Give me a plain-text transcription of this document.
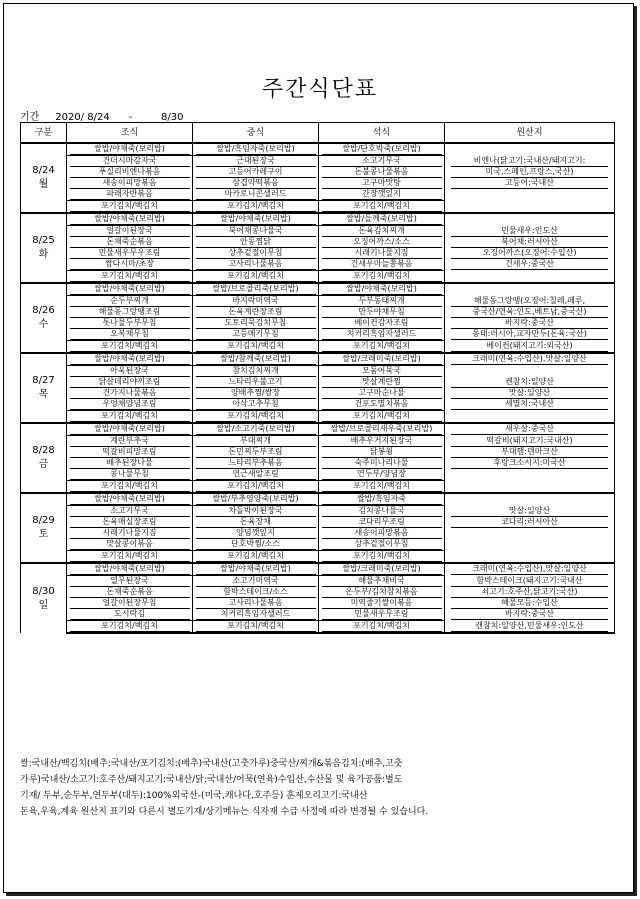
주간식단표
기간 2020/ 8/24 -	8/30
구분	조식	중식	석식	원산지

8/24
월	쌀밥/야채죽(보리밥)	쌀밥/흑임자죽(보리밥)	쌀밥/단호박죽(보리밥)	

	건더시마감자국	근대된장국	소고기무국	비엔나(닭고기:국내산/돼지고기:

	푸실리비엔나볶음	고등어카레구이	돈불콩나물볶음	미국,스페인,프랑스,국산)

	새송이피망볶음	삼겹약떡볶음	고구마맛탕	고등어:국내산

	파래자반볶음	마카로니콘샐러드	간장깻잎지	

	포기김치/백김치	포기김치/백김치	포기김치/백김치	

8/25
화	쌀밥/야채죽(보리밥)	쌀밥/야채죽(보리밥)	쌀밥/들깨죽(보리밥)	

	얼갈이된장국	북어채콩나물국	돈육김치찌개	민물새우:인도산

	돈채죽순볶음	안동찜닭	오징어까스/소스	북어채:러시아산

	민물새우무우조림	상추겉절이무침	시래기나물지짐	오징어까스(오징어:수입산)

	쌈다시마/초장	고사리나물볶음	건새우마늘쫑볶음	건새우:중국산

	포기김치/백김치	포기김치/백김치	포기김치/백김치	

8/26
수	쌀밥/야채죽(보리밥)	쌀밥/브로콜리죽(보리밥)	쌀밥/야채죽(보리밥)	

	순두부찌개	바지락미역국	두부동태찌개	해물동그랑땡(오징어:칠레,페루,

	해물동그랑땡조림	돈육계란장조림	만두야채무침	중국산/연육:인도,베트남,중국산)

	톳나물두부무침	도토리묵김치무침	베이컨감자조림	바지락:중국산

	오복채무침	고등메기무침	치커리흑임자샐러드	동태:러시아,교자만두(돈육:국산)

	포기김치/백김치	포기김치/백김치	포기김치/백김치	베이컨(돼지고기:외국산)

8/27
목	쌀밥/야채죽(보리밥)	쌀밥/참깨죽(보리밥)	쌀밥/크래미죽(보리밥)	크래미(연육:수입산),맛살:일양산

	아욱된장국	참치김치찌개	모둠어묵국	

	닭살데리야끼조림	느타리우불고기	맛살계란찜	켄참치:일양산

	건가지나물볶음	양배추찜/쌈장	고구마순나물	맛살:일양산

	우엉채양념조림	아삭고추무침	건포도멸치볶음	세멸치:국내산

	포기김치/백김치	포기김치/백김치	포기김치/백김치	

8/28
금	쌀밥/야채죽(보리밥)	쌀밥/소고기죽(보리밥)	쌀밥/브로콜리새우죽(보리밥)	새우살:중국산

	계란부추국	부대찌개	배추우거지된장국	떡갈비(돼지고기:국내산)

	떡갈비피망조림	돈민찌두부조림	닭봉윙	부대햄:덴마크산

	배추된장나물	느타리부추볶음	숙주미나리나물	후랑크소시지:미국산

	콩나물무침	연근새알조림	연두부/양념장	

	포기김치/백김치	포기김치/백김치	포기김치/백김치	

8/29
토	쌀밥/야채죽(보리밥)	쌀밥/부추영양죽(보리밥)	쌀밥/흑임자죽	

	소고기무국	차돌박이된장국	김치콩나물국	맛살:일양산

	돈육매실장조림	돈육장채	코다리무조림	코다리:러시아산

	시래기나물지짐	양념깻잎지	새송이피망볶음	

	맛살콩이볶음	단호박찜/소스	상추겉절이무침	

	포기김치/백김치	포기김치/백김치	포기김치/백김치	

8/30
일	쌀밥/야채죽(보리밥)	쌀밥/야채죽(보리밥)	쌀밥/크래미죽(보리밥)	크래미(연육:수입산),맛살:일양산

	열무된장국	소고기미역국	해물추채비국	함박스테이크(돼지고기:국내산

	돈채죽순볶음	함박스테이크/소스	온두부/김치참치볶음	쇠고기:호주산,닭고기:국산)

	얼갈이된장무침	고사리나물볶음	미역줄기쌀이볶음	해물모듬:수입산

	도시락김	치커리흑임자샐러드	민물새우무조림	바지락:중국산

	포기김치/백김치	포기김치/백김치	포기김치/백김치	캔참치:일양산,민물새우:인도산
쌀:국내산/백김치(배추:국내산/포기김치:(배추)국내산(고춧가루)중국산/찌개&볶음김치:(배추,고춧
가루)국내산/소고기:호주산/돼지고기:국내산/닭:국내산/어묵(연육)수입산,수산물 및 육가공품:별도
기재/ 두부,순두부,연두부(대두):100%외국산-(미국,캐나다,호주등) 훈제오리고기:국내산
돈육,우육,계육 원산지 표기와 다른시 별도기재/상기메뉴는 식자재 수급 사정에 따라 변경될 수 있습니다.
